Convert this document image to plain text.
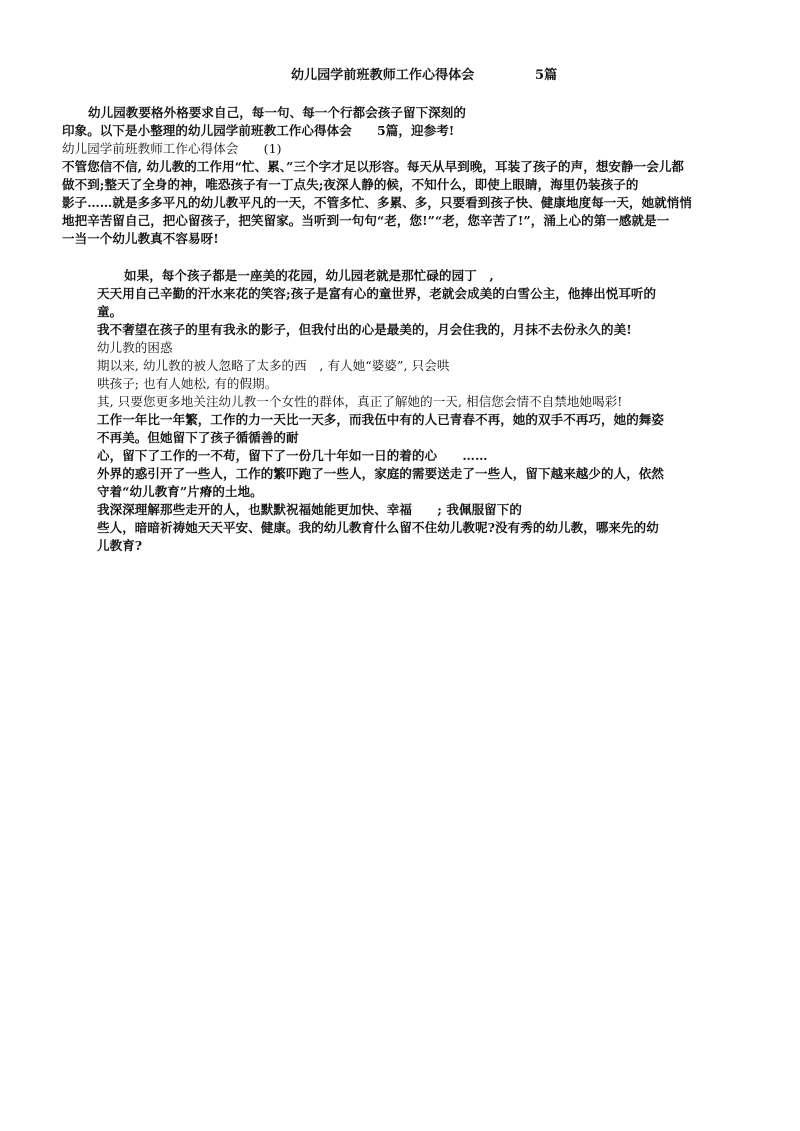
幼儿园学前班教师工作心得体会	5篇
幼儿园教要格外格要求自己，每一句、每一个行都会孩子留下深刻的
印象。以下是小整理的幼儿园学前班教工作心得体会　　5篇，迎参考!
幼儿园学前班教师工作心得体会　　(1)
不管您信不信, 幼儿教的工作用“忙、累、”三个字才足以形容。每天从早到晚，耳装了孩子的声，想安静一会儿都
做不到;整天了全身的神，唯恐孩子有一丁点失;夜深人静的候，不知什么，即使上眼睛，海里仍装孩子的
影子……就是多多平凡的幼儿教平凡的一天，不管多忙、多累、多，只要看到孩子快、健康地度每一天，她就悄悄
地把辛苦留自己，把心留孩子，把笑留家。当听到一句句“老，您!”“老，您辛苦了!”，涌上心的第一感就是一
一当一个幼儿教真不容易呀!
如果，每个孩子都是一座美的花园，幼儿园老就是那忙碌的园丁　,
天天用自己辛勤的汗水来花的笑容;孩子是富有心的童世界，老就会成美的白雪公主，他捧出悦耳听的
童。
我不奢望在孩子的里有我永的影子，但我付出的心是最美的，月会住我的，月抹不去份永久的美!
幼儿教的困惑
期以来, 幼儿教的被人忽略了太多的西　, 有人她“婆婆”, 只会哄
哄孩子; 也有人她松, 有的假期。
其, 只要您更多地关注幼儿教一个女性的群体，真正了解她的一天, 相信您会情不自禁地她喝彩!
工作一年比一年繁，工作的力一天比一天多，而我伍中有的人已青春不再，她的双手不再巧，她的舞姿
不再美。但她留下了孩子循循善的耐
心，留下了工作的一不苟，留下了一份几十年如一日的着的心　　……
外界的惑引开了一些人，工作的繁吓跑了一些人，家庭的需要送走了一些人，留下越来越少的人，依然
守着“幼儿教育”片瘠的土地。
我深深理解那些走开的人，也默默祝福她能更加快、幸福　　; 我佩服留下的
些人，暗暗祈祷她天天平安、健康。我的幼儿教育什么留不住幼儿教呢?没有秀的幼儿教，哪来先的幼
儿教育?
